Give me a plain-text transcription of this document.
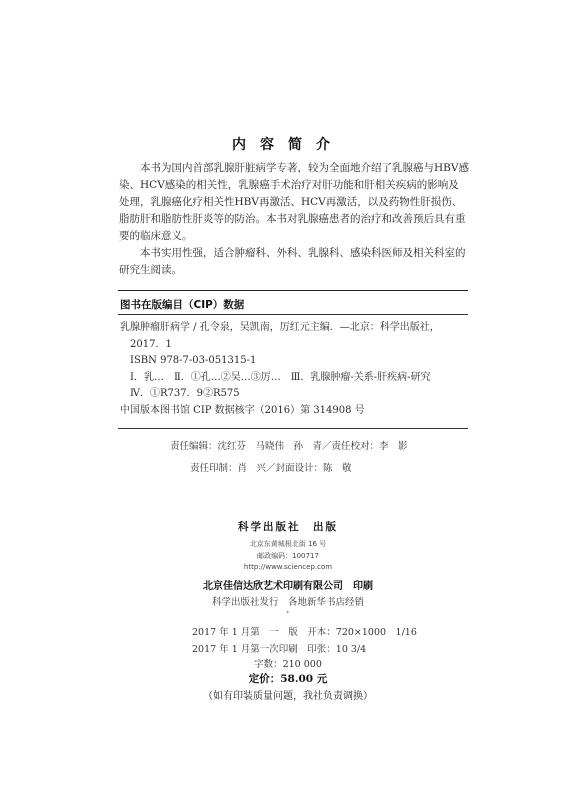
内容简介

本书为国内首部乳腺肝脏病学专著，较为全面地介绍了乳腺癌与HBV感染、HCV感染的相关性，乳腺癌手术治疗对肝功能和肝相关疾病的影响及处理，乳腺癌化疗相关性HBV再激活、HCV再激活，以及药物性肝损伤、脂肪肝和脂肪性肝炎等的防治。本书对乳腺癌患者的治疗和改善预后具有重要的临床意义。

本书实用性强，适合肿瘤科、外科、乳腺科、感染科医师及相关科室的研究生阅读。

图书在版编目（CIP）数据
乳腺肿瘤肝病学 / 孔令泉，吴凯南，厉红元主编．—北京：科学出版社，
2017．1
ISBN 978-7-03-051315-1
Ⅰ．乳…　Ⅱ．①孔…②吴…③厉…　Ⅲ．乳腺肿瘤-关系-肝疾病-研究
Ⅳ．①R737．9②R575
中国版本图书馆 CIP 数据核字（2016）第 314908 号
责任编辑：沈红芬　马晓伟　孙　青／责任校对：李　影
责任印制：肖　兴／封面设计：陈　敬
科学出版社　出版
北京东黄城根北街 16 号
邮政编码：100717
http://www.sciencep.com
北京佳信达欣艺术印刷有限公司　印刷
科学出版社发行　各地新华书店经销
*
2017 年 1 月第　一　版　开本：720×1000　1/16
2017 年 1 月第一次印刷　印张：10 3/4
字数：210 000
定价：58.00 元
（如有印装质量问题，我社负责调换）
